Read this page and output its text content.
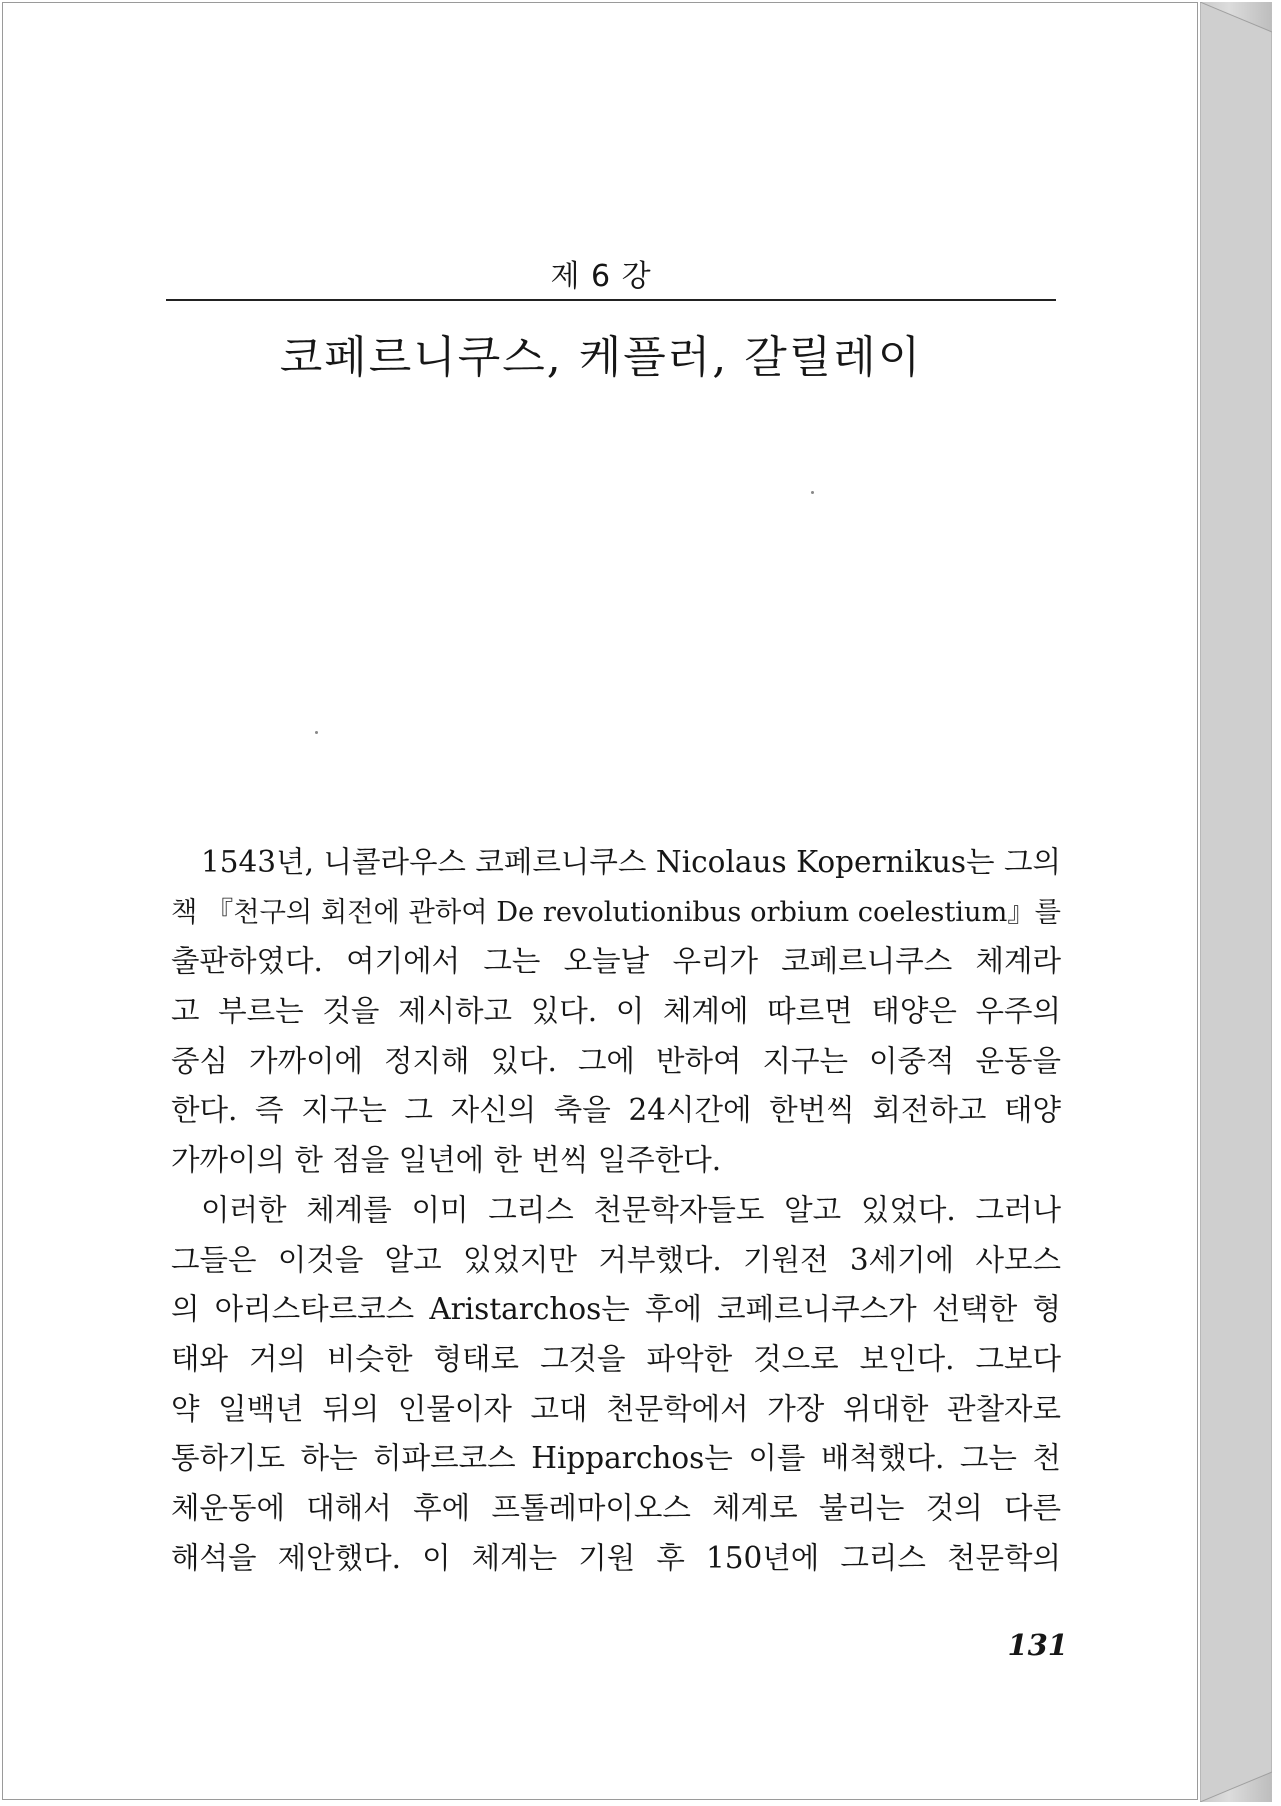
제 6 강
코페르니쿠스, 케플러, 갈릴레이
1543년, 니콜라우스 코페르니쿠스 Nicolaus Kopernikus는 그의
책 『천구의 회전에 관하여 De revolutionibus orbium coelestium』를
출판하였다. 여기에서 그는 오늘날 우리가 코페르니쿠스 체계라
고 부르는 것을 제시하고 있다. 이 체계에 따르면 태양은 우주의
중심 가까이에 정지해 있다. 그에 반하여 지구는 이중적 운동을
한다. 즉 지구는 그 자신의 축을 24시간에 한번씩 회전하고 태양
가까이의 한 점을 일년에 한 번씩 일주한다.
이러한 체계를 이미 그리스 천문학자들도 알고 있었다. 그러나
그들은 이것을 알고 있었지만 거부했다. 기원전 3세기에 사모스
의 아리스타르코스 Aristarchos는 후에 코페르니쿠스가 선택한 형
태와 거의 비슷한 형태로 그것을 파악한 것으로 보인다. 그보다
약 일백년 뒤의 인물이자 고대 천문학에서 가장 위대한 관찰자로
통하기도 하는 히파르코스 Hipparchos는 이를 배척했다. 그는 천
체운동에 대해서 후에 프톨레마이오스 체계로 불리는 것의 다른
해석을 제안했다. 이 체계는 기원 후 150년에 그리스 천문학의
131
